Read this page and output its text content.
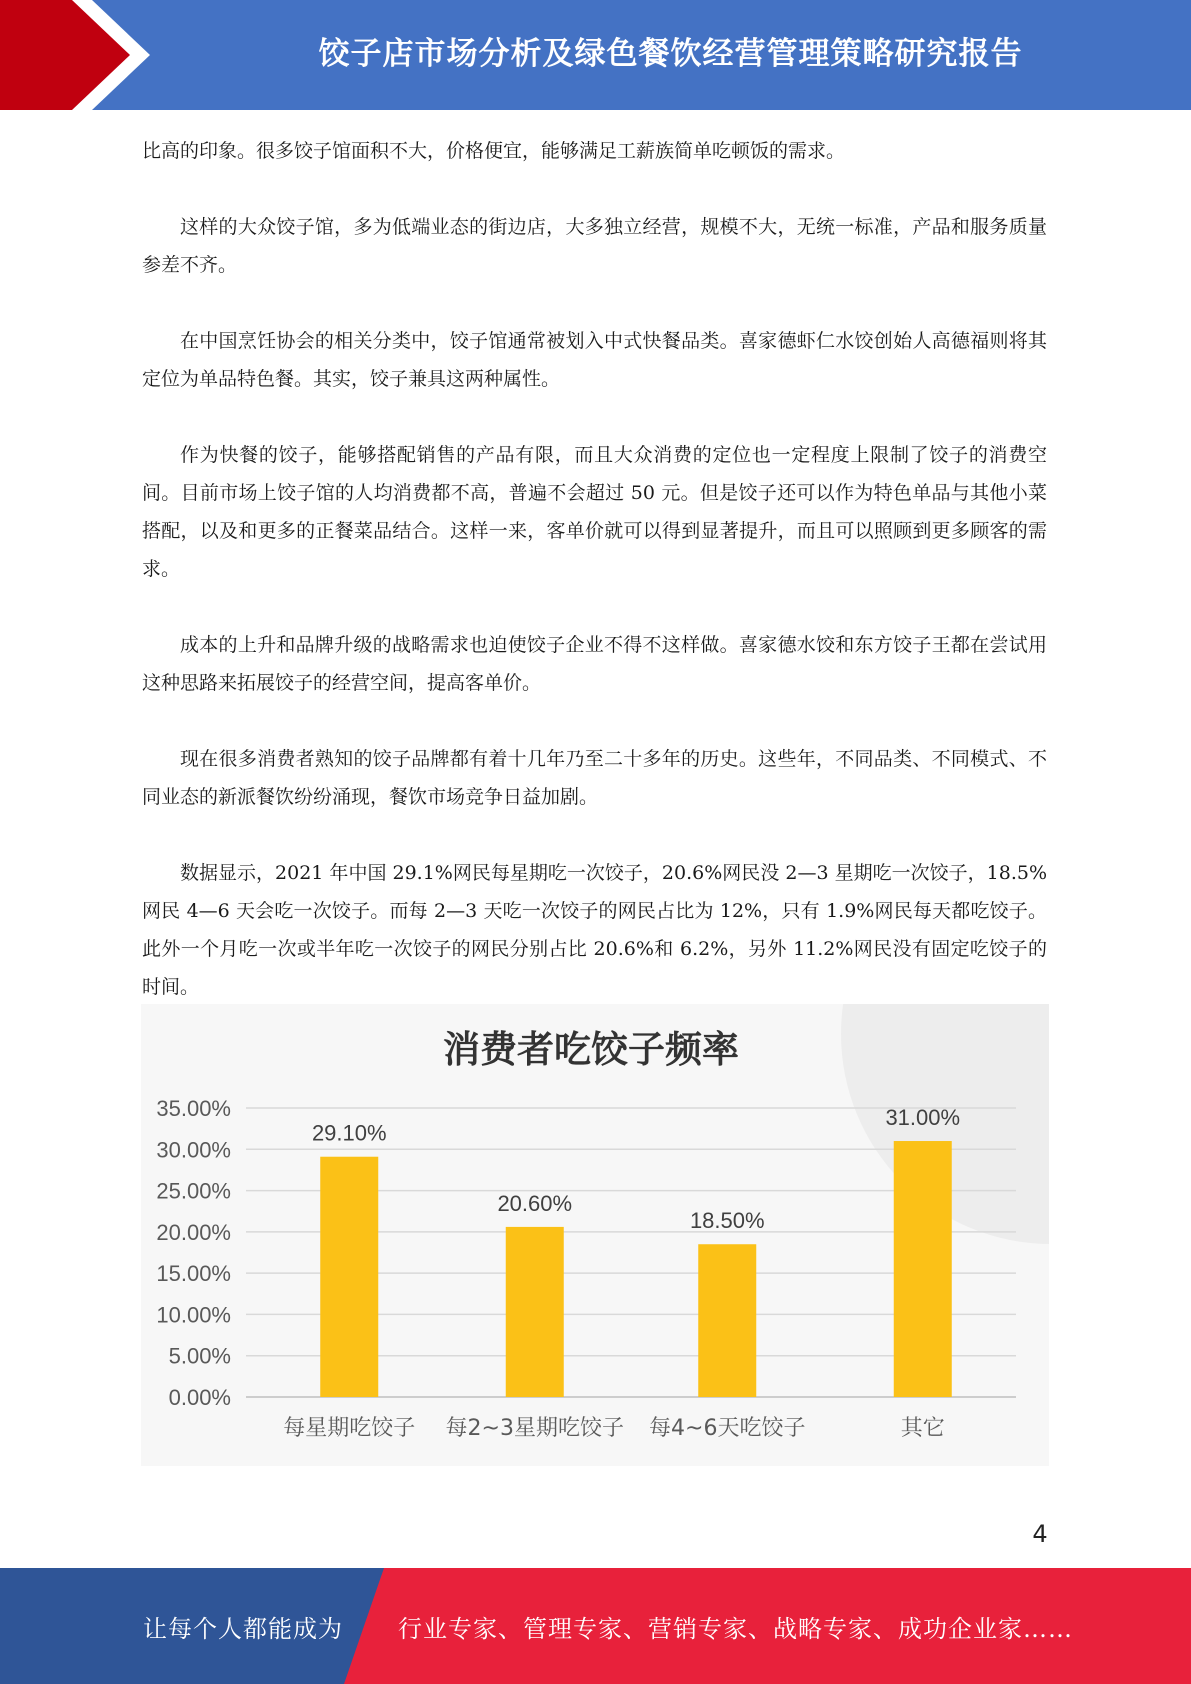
饺子店市场分析及绿色餐饮经营管理策略研究报告

比高的印象。很多饺子馆面积不大，价格便宜，能够满足工薪族简单吃顿饭的需求。

这样的大众饺子馆，多为低端业态的街边店，大多独立经营，规模不大，无统一标准，产品和服务质量参差不齐。

在中国烹饪协会的相关分类中，饺子馆通常被划入中式快餐品类。喜家德虾仁水饺创始人高德福则将其定位为单品特色餐。其实，饺子兼具这两种属性。

作为快餐的饺子，能够搭配销售的产品有限，而且大众消费的定位也一定程度上限制了饺子的消费空间。目前市场上饺子馆的人均消费都不高，普遍不会超过 50 元。但是饺子还可以作为特色单品与其他小菜搭配，以及和更多的正餐菜品结合。这样一来，客单价就可以得到显著提升，而且可以照顾到更多顾客的需求。

成本的上升和品牌升级的战略需求也迫使饺子企业不得不这样做。喜家德水饺和东方饺子王都在尝试用这种思路来拓展饺子的经营空间，提高客单价。

现在很多消费者熟知的饺子品牌都有着十几年乃至二十多年的历史。这些年，不同品类、不同模式、不同业态的新派餐饮纷纷涌现，餐饮市场竞争日益加剧。

数据显示，2021 年中国 29.1%网民每星期吃一次饺子，20.6%网民没 2—3 星期吃一次饺子，18.5%网民 4—6 天会吃一次饺子。而每 2—3 天吃一次饺子的网民占比为 12%，只有 1.9%网民每天都吃饺子。此外一个月吃一次或半年吃一次饺子的网民分别占比 20.6%和 6.2%，另外 11.2%网民没有固定吃饺子的时间。

消费者吃饺子频率
0.00%
5.00%
10.00%
15.00%
20.00%
25.00%
30.00%
35.00%
29.10%
20.60%
18.50%
31.00%
每星期吃饺子 每2~3星期吃饺子 每4~6天吃饺子	其它
4
让每个人都能成为 行业专家、管理专家、营销专家、战略专家、成功企业家……
